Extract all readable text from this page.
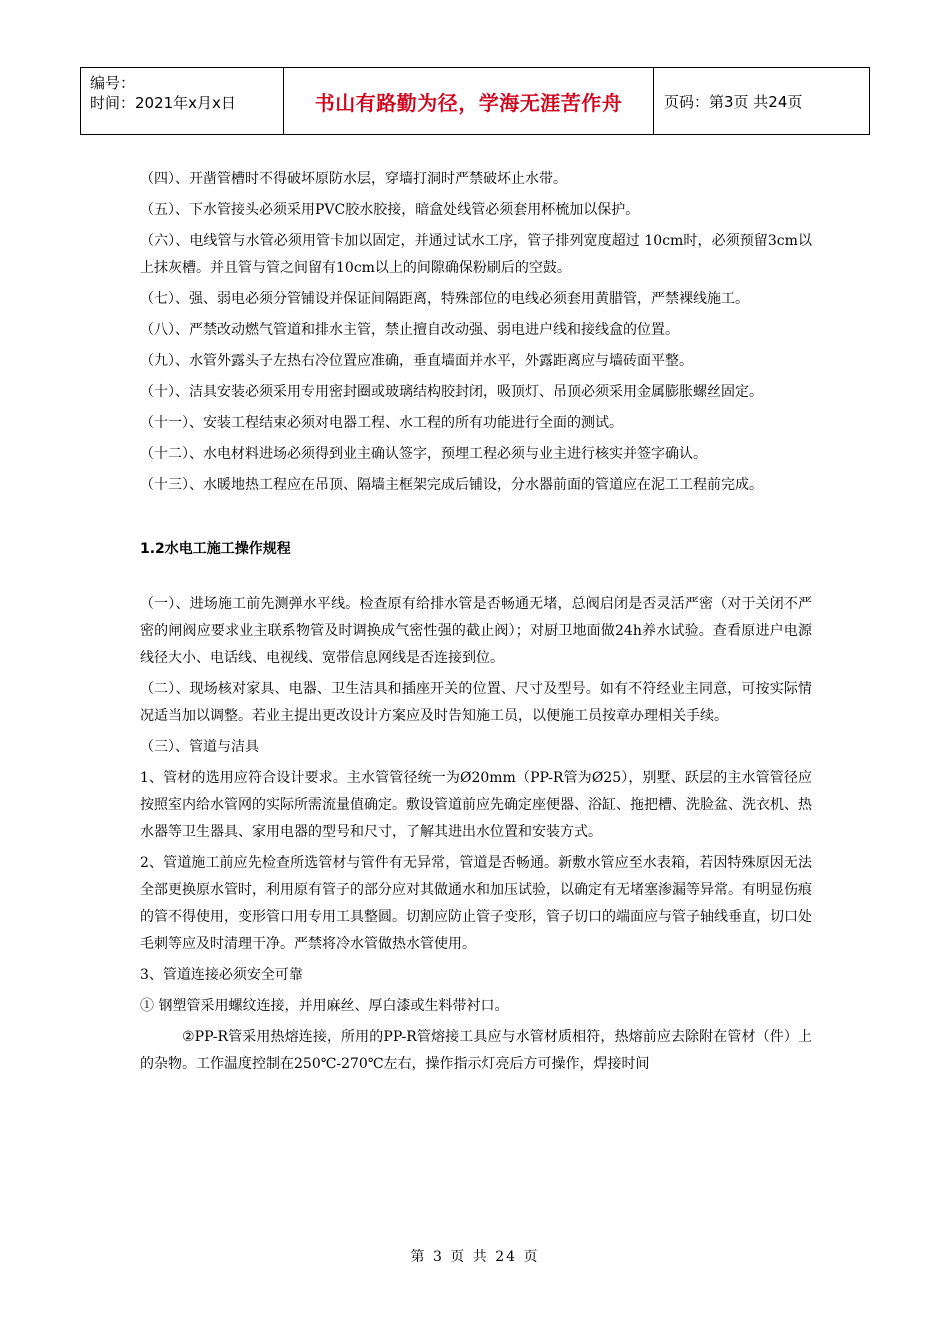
编号：
时间：2021年x月x日	书山有路勤为径，学海无涯苦作舟	页码：第3页 共24页

（四）、开凿管槽时不得破坏原防水层，穿墙打洞时严禁破坏止水带。

（五）、下水管接头必须采用PVC胶水胶接，暗盒处线管必须套用杯梳加以保护。

（六）、电线管与水管必须用管卡加以固定，并通过试水工序，管子排列宽度超过 10cm时，必须预留3cm以上抹灰槽。并且管与管之间留有10cm以上的间隙确保粉刷后的空鼓。

（七）、强、弱电必须分管铺设并保证间隔距离，特殊部位的电线必须套用黄腊管，严禁裸线施工。

（八）、严禁改动燃气管道和排水主管，禁止擅自改动强、弱电进户线和接线盒的位置。

（九）、水管外露头子左热右冷位置应准确，垂直墙面并水平，外露距离应与墙砖面平整。

（十）、洁具安装必须采用专用密封圈或玻璃结构胶封闭，吸顶灯、吊顶必须采用金属膨胀螺丝固定。

（十一）、安装工程结束必须对电器工程、水工程的所有功能进行全面的测试。

（十二）、水电材料进场必须得到业主确认签字，预埋工程必须与业主进行核实并签字确认。

（十三）、水暖地热工程应在吊顶、隔墙主框架完成后铺设，分水器前面的管道应在泥工工程前完成。

1.2水电工施工操作规程

（一）、进场施工前先测弹水平线。检查原有给排水管是否畅通无堵，总阀启闭是否灵活严密（对于关闭不严密的闸阀应要求业主联系物管及时调换成气密性强的截止阀）；对厨卫地面做24h养水试验。查看原进户电源线径大小、电话线、电视线、宽带信息网线是否连接到位。

（二）、现场核对家具、电器、卫生洁具和插座开关的位置、尺寸及型号。如有不符经业主同意，可按实际情况适当加以调整。若业主提出更改设计方案应及时告知施工员，以便施工员按章办理相关手续。

（三）、管道与洁具

1、管材的选用应符合设计要求。主水管管径统一为Ø20mm（PP-R管为Ø25），别墅、跃层的主水管管径应按照室内给水管网的实际所需流量值确定。敷设管道前应先确定座便器、浴缸、拖把槽、洗脸盆、洗衣机、热水器等卫生器具、家用电器的型号和尺寸，了解其进出水位置和安装方式。

2、管道施工前应先检查所选管材与管件有无异常，管道是否畅通。新敷水管应至水表箱，若因特殊原因无法全部更换原水管时，利用原有管子的部分应对其做通水和加压试验，以确定有无堵塞渗漏等异常。有明显伤痕的管不得使用，变形管口用专用工具整圆。切割应防止管子变形，管子切口的端面应与管子轴线垂直，切口处毛刺等应及时清理干净。严禁将冷水管做热水管使用。

3、管道连接必须安全可靠

① 钢塑管采用螺纹连接，并用麻丝、厚白漆或生料带衬口。

②PP-R管采用热熔连接，所用的PP-R管熔接工具应与水管材质相符，热熔前应去除附在管材（件）上的杂物。工作温度控制在250℃-270℃左右，操作指示灯亮后方可操作，焊接时间

第 3 页 共 24 页
